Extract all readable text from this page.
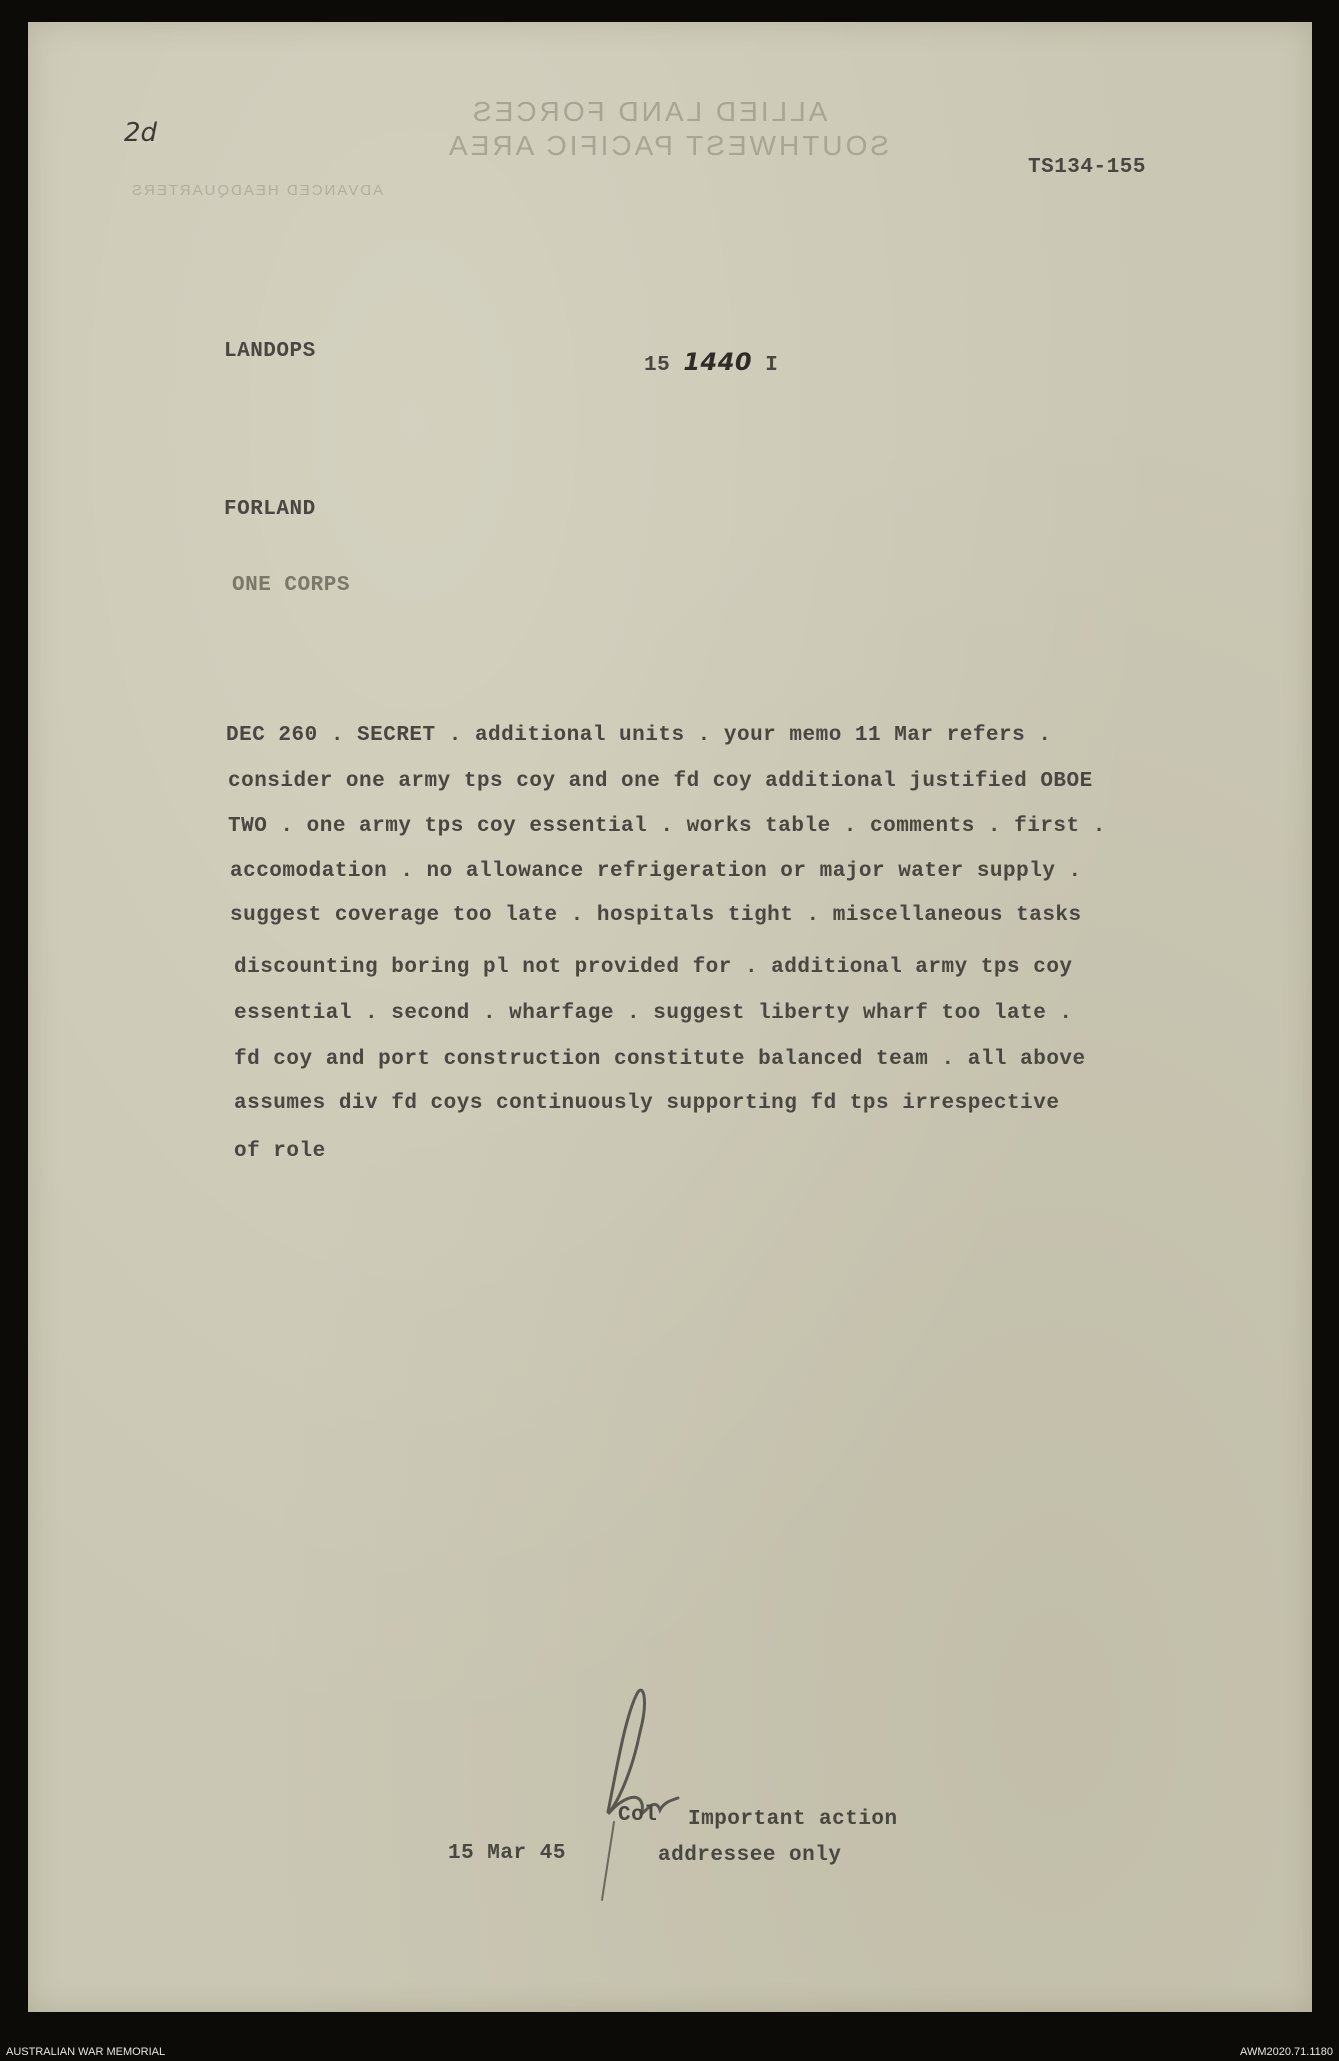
ALLIED LAND FORCES
SOUTHWEST PACIFIC AREA
ADVANCED HEADQUARTERS
2d
TS134-155
LANDOPS
15 1440 I
FORLAND
ONE CORPS
DEC 260 . SECRET . additional units . your memo 11 Mar refers .
consider one army tps coy and one fd coy additional justified OBOE
TWO . one army tps coy essential . works table . comments . first .
accomodation . no allowance refrigeration or major water supply .
suggest coverage too late . hospitals tight . miscellaneous tasks
discounting boring pl not provided for . additional army tps coy
essential . second . wharfage . suggest liberty wharf too late .
fd coy and port construction constitute balanced team . all above
assumes div fd coys continuously supporting fd tps irrespective
of role
15 Mar 45
Col Important action
addressee only
AUSTRALIAN WAR MEMORIAL	AWM2020.71.1180
